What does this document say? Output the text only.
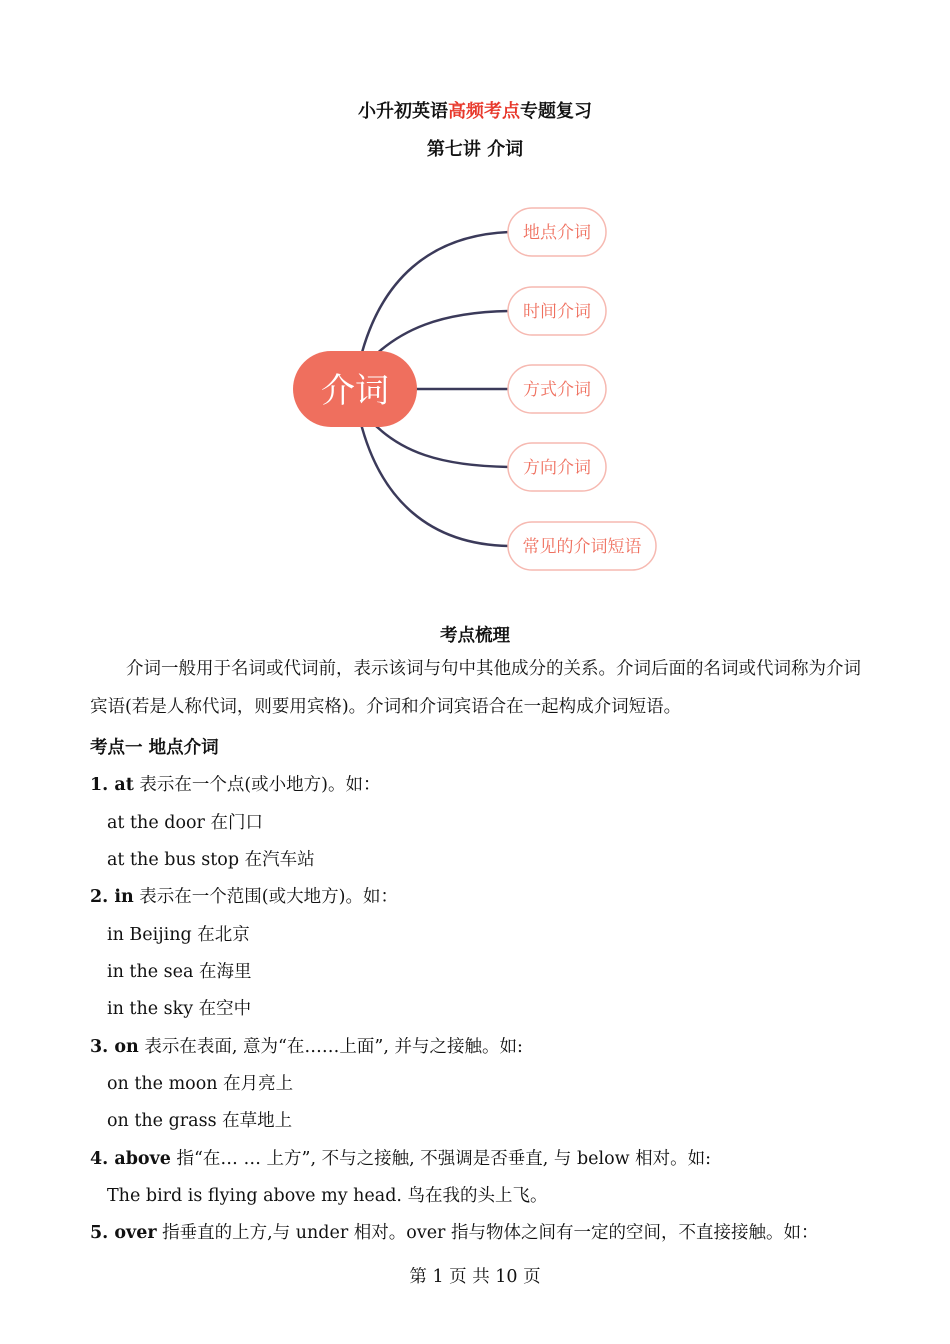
小升初英语高频考点专题复习
第七讲 介词
介词
地点介词
时间介词
方式介词
方向介词
常见的介词短语
考点梳理
介词一般用于名词或代词前，表示该词与句中其他成分的关系。介词后面的名词或代词称为介词宾语(若是人称代词，则要用宾格)。介词和介词宾语合在一起构成介词短语。
考点一 地点介词
1. at 表示在一个点(或小地方)。如：
at the door 在门口
at the bus stop 在汽车站
2. in 表示在一个范围(或大地方)。如：
in Beijing 在北京
in the sea 在海里
in the sky 在空中
3. on 表示在表面, 意为“在……上面”, 并与之接触。如:
on the moon 在月亮上
on the grass 在草地上
4. above 指“在… … 上方”, 不与之接触, 不强调是否垂直, 与 below 相对。如:
The bird is flying above my head. 鸟在我的头上飞。
5. over 指垂直的上方,与 under 相对。over 指与物体之间有一定的空间，不直接接触。如：
第 1 页 共 10 页
